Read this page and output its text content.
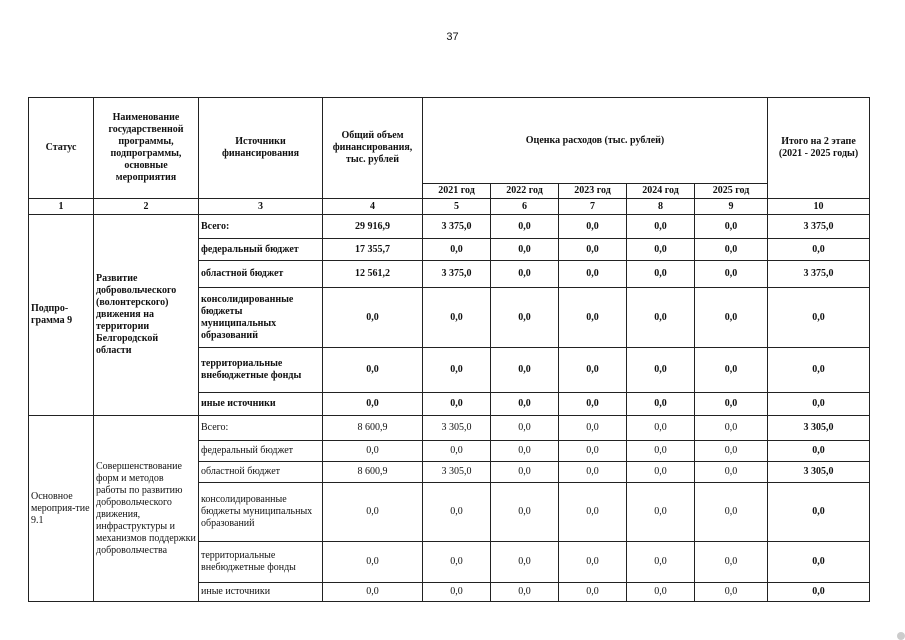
37
Статус	Наименование государственной программы, подпрограммы, основные мероприятия	Источники финансирования	Общий объем финансирования, тыс. рублей	Оценка расходов (тыс. рублей)					Итого на 2 этапе (2021 - 2025 годы)
				2021 год	2022 год	2023 год	2024 год	2025 год	
1	2	3	4	5	6	7	8	9	10
Подпро-грамма 9	Развитие добровольческого (волонтерского) движения на территории Белгородской области	Всего:	29 916,9	3 375,0	0,0	0,0	0,0	0,0	3 375,0
		федеральный бюджет	17 355,7	0,0	0,0	0,0	0,0	0,0	0,0
		областной бюджет	12 561,2	3 375,0	0,0	0,0	0,0	0,0	3 375,0
		консолидированные бюджеты муниципальных образований	0,0	0,0	0,0	0,0	0,0	0,0	0,0
		территориальные внебюджетные фонды	0,0	0,0	0,0	0,0	0,0	0,0	0,0
		иные источники	0,0	0,0	0,0	0,0	0,0	0,0	0,0
Основное мероприя-тие 9.1	Совершенствование форм и методов работы по развитию добровольческого движения, инфраструктуры и механизмов поддержки добровольчества	Всего:	8 600,9	3 305,0	0,0	0,0	0,0	0,0	3 305,0
		федеральный бюджет	0,0	0,0	0,0	0,0	0,0	0,0	0,0
		областной бюджет	8 600,9	3 305,0	0,0	0,0	0,0	0,0	3 305,0
		консолидированные бюджеты муниципальных образований	0,0	0,0	0,0	0,0	0,0	0,0	0,0
		территориальные внебюджетные фонды	0,0	0,0	0,0	0,0	0,0	0,0	0,0
		иные источники	0,0	0,0	0,0	0,0	0,0	0,0	0,0
